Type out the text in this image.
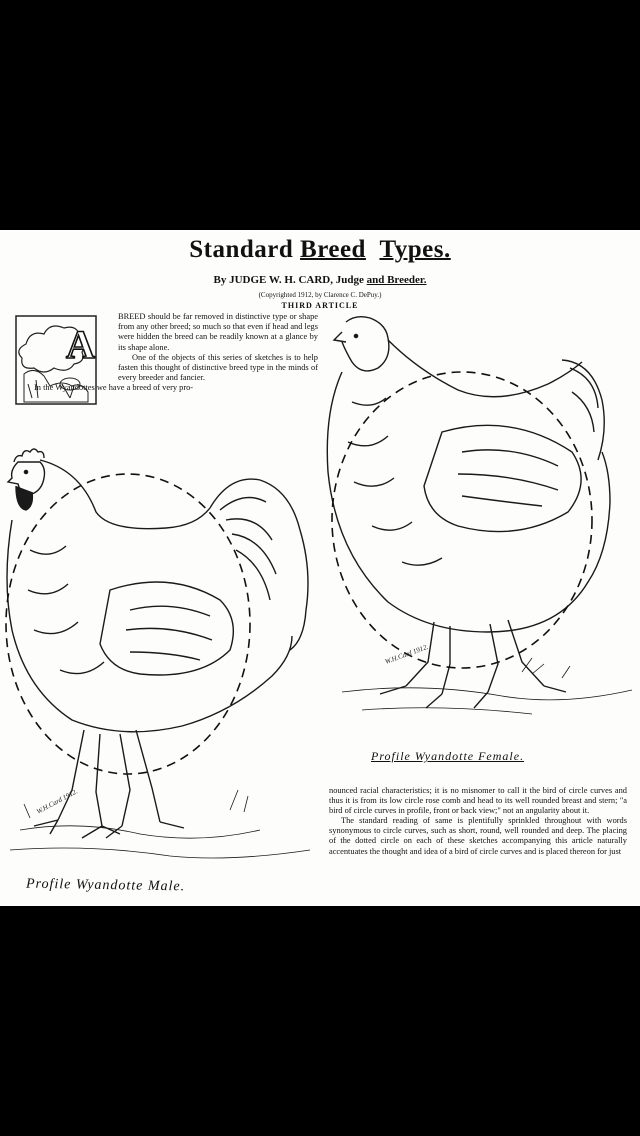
Standard Breed Types.
By JUDGE W. H. CARD, Judge and Breeder.
(Copyrighted 1912, by Clarence C. DePuy.)
THIRD ARTICLE
A

BREED should be far removed in distinctive type or shape from any other breed; so much so that even if head and legs were hidden the breed can be readily known at a glance by its shape alone.

One of the objects of this series of sketches is to help fasten this thought of distinctive breed type in the minds of every breeder and fancier.

In the Wyandottes we have a breed of very pro-

W.H.Card 1912.
Profile Wyandotte Male.
W.H.Card 1912.
Profile Wyandotte Female.

nounced racial characteristics; it is no misnomer to call it the bird of circle curves and thus it is from its low circle rose comb and head to its well rounded breast and stern; "a bird of circle curves in profile, front or back view;" not an angularity about it.

The standard reading of same is plentifully sprinkled throughout with words synonymous to circle curves, such as short, round, well rounded and deep. The placing of the dotted circle on each of these sketches accompanying this article naturally accentuates the thought and idea of a bird of circle curves and is placed thereon for just
